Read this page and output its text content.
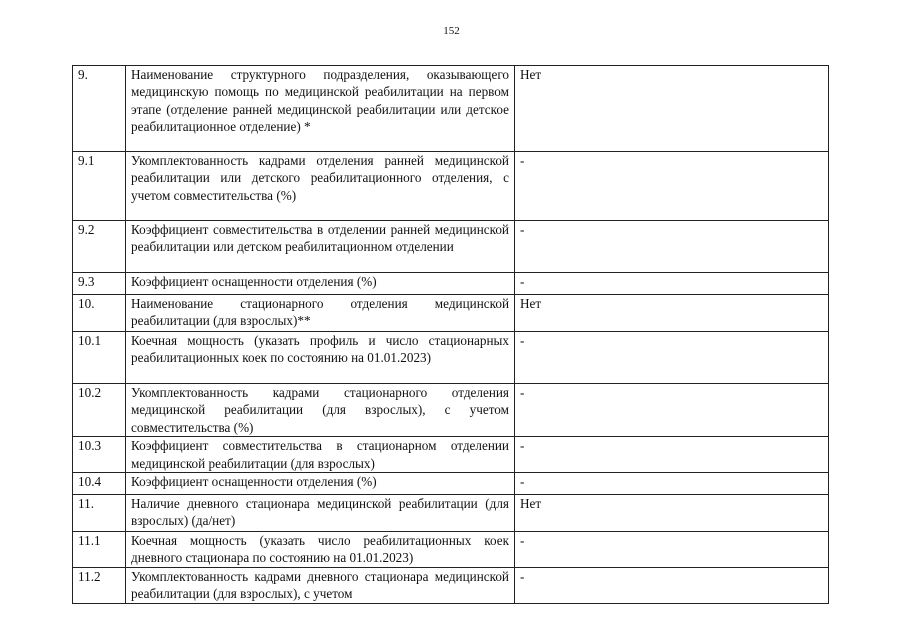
152
9.	Наименование структурного подразделения, оказывающего медицинскую помощь по медицинской реабилитации на первом этапе (отделение ранней медицинской реабилитации или детское реабилитационное отделение) *	Нет
9.1	Укомплектованность кадрами отделения ранней медицинской реабилитации или детского реабилитационного отделения, с учетом совместительства (%)	-
9.2	Коэффициент совместительства в отделении ранней медицинской реабилитации или детском реабилитационном отделении	-
9.3	Коэффициент оснащенности отделения (%)	-
10.	Наименование стационарного отделения медицинской реабилитации (для взрослых)**	Нет
10.1	Коечная мощность (указать профиль и число стационарных реабилитационных коек по состоянию на 01.01.2023)	-
10.2	Укомплектованность кадрами стационарного отделения медицинской реабилитации (для взрослых), с учетом совместительства (%)	-
10.3	Коэффициент совместительства в стационарном отделении медицинской реабилитации (для взрослых)	-
10.4	Коэффициент оснащенности отделения (%)	-
11.	Наличие дневного стационара медицинской реабилитации (для взрослых) (да/нет)	Нет
11.1	Коечная мощность (указать число реабилитационных коек дневного стационара по состоянию на 01.01.2023)	-
11.2	Укомплектованность кадрами дневного стационара медицинской реабилитации (для взрослых), с учетом	-
